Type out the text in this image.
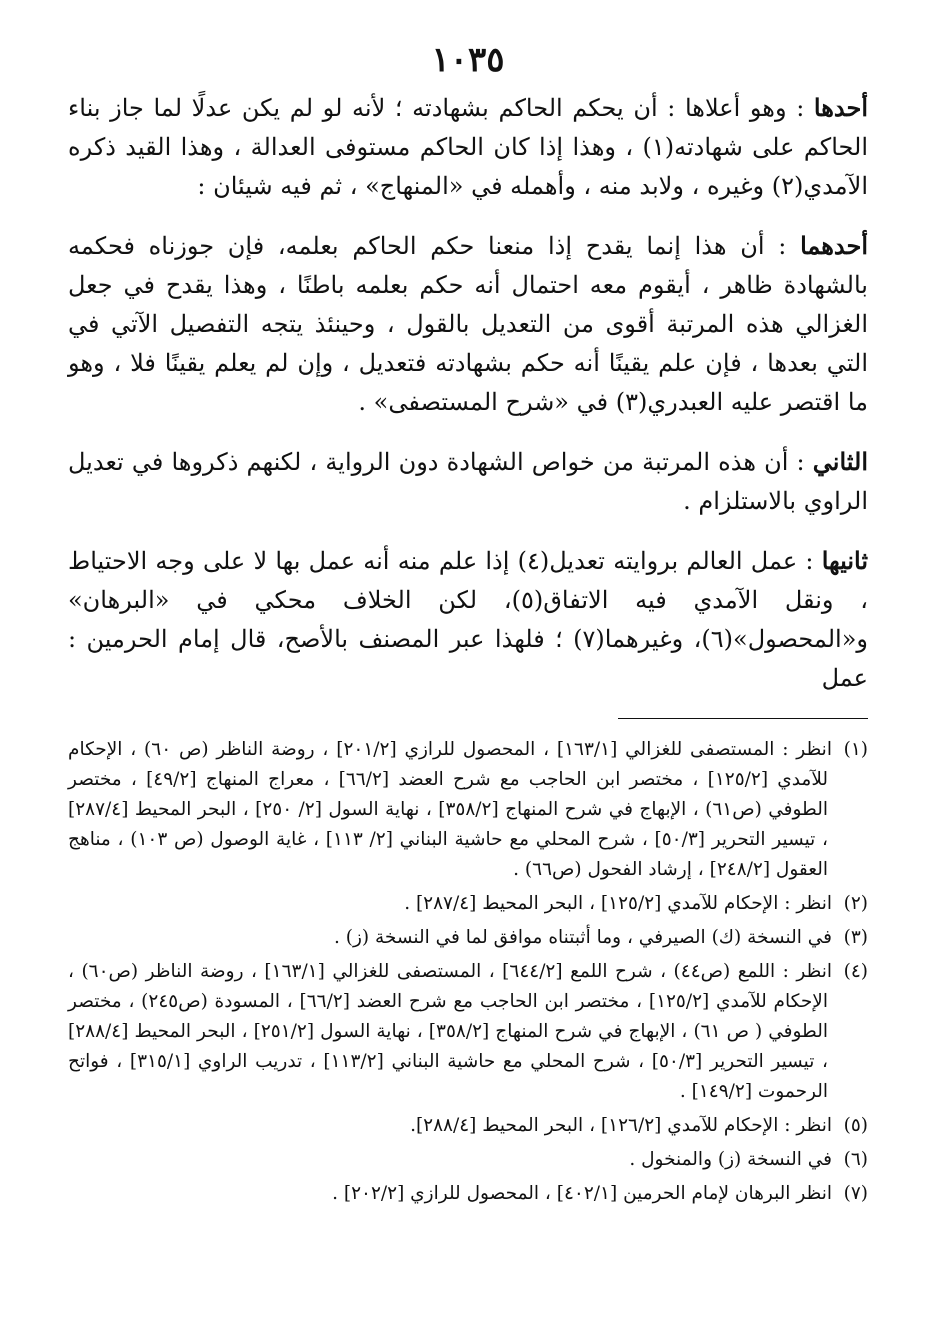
١٠٣٥

أحدها : وهو أعلاها : أن يحكم الحاكم بشهادته ؛ لأنه لو لم يكن عدلًا لما جاز بناء الحاكم على شهادته(١) ، وهذا إذا كان الحاكم مستوفى العدالة ، وهذا القيد ذكره الآمدي(٢) وغيره ، ولابد منه ، وأهمله في «المنهاج» ، ثم فيه شيئان :

أحدهما : أن هذا إنما يقدح إذا منعنا حكم الحاكم بعلمه، فإن جوزناه فحكمه بالشهادة ظاهر ، أيقوم معه احتمال أنه حكم بعلمه باطنًا ، وهذا يقدح في جعل الغزالي هذه المرتبة أقوى من التعديل بالقول ، وحينئذ يتجه التفصيل الآتي في التي بعدها ، فإن علم يقينًا أنه حكم بشهادته فتعديل ، وإن لم يعلم يقينًا فلا ، وهو ما اقتصر عليه العبدري(٣) في «شرح المستصفى» .

الثاني : أن هذه المرتبة من خواص الشهادة دون الرواية ، لكنهم ذكروها في تعديل الراوي بالاستلزام .

ثانيها : عمل العالم بروايته تعديل(٤) إذا علم منه أنه عمل بها لا على وجه الاحتياط ، ونقل الآمدي فيه الاتفاق(٥)، لكن الخلاف محكي في «البرهان» و«المحصول»(٦)، وغيرهما(٧) ؛ فلهذا عبر المصنف بالأصح، قال إمام الحرمين : عمل

(١)انظر : المستصفى للغزالي [١٦٣/١] ، المحصول للرازي [٢٠١/٢] ، روضة الناظر (ص ٦٠) ، الإحكام للآمدي [١٢٥/٢] ، مختصر ابن الحاجب مع شرح العضد [٦٦/٢] ، معراج المنهاج [٤٩/٢] ، مختصر الطوفي (ص٦١) ، الإبهاج في شرح المنهاج [٣٥٨/٢] ، نهاية السول [٢/ ٢٥٠] ، البحر المحيط [٢٨٧/٤] ، تيسير التحرير [٥٠/٣] ، شرح المحلي مع حاشية البناني [٢/ ١١٣] ، غاية الوصول (ص ١٠٣) ، مناهج العقول [٢٤٨/٢] ، إرشاد الفحول (ص٦٦) .
(٢)انظر : الإحكام للآمدي [١٢٥/٢] ، البحر المحيط [٢٨٧/٤] .
(٣)في النسخة (ك) الصيرفي ، وما أثبتناه موافق لما في النسخة (ز) .
(٤)انظر : اللمع (ص٤٤) ، شرح اللمع [٦٤٤/٢] ، المستصفى للغزالي [١٦٣/١] ، روضة الناظر (ص٦٠) ، الإحكام للآمدي [١٢٥/٢] ، مختصر ابن الحاجب مع شرح العضد [٦٦/٢] ، المسودة (ص٢٤٥) ، مختصر الطوفي ( ص ٦١) ، الإبهاج في شرح المنهاج [٣٥٨/٢] ، نهاية السول [٢٥١/٢] ، البحر المحيط [٢٨٨/٤] ، تيسير التحرير [٥٠/٣] ، شرح المحلي مع حاشية البناني [١١٣/٢] ، تدريب الراوي [٣١٥/١] ، فواتح الرحموت [١٤٩/٢] .
(٥)انظر : الإحكام للآمدي [١٢٦/٢] ، البحر المحيط [٢٨٨/٤].
(٦)في النسخة (ز) والمنخول .
(٧)انظر البرهان لإمام الحرمين [٤٠٢/١] ، المحصول للرازي [٢٠٢/٢] .
